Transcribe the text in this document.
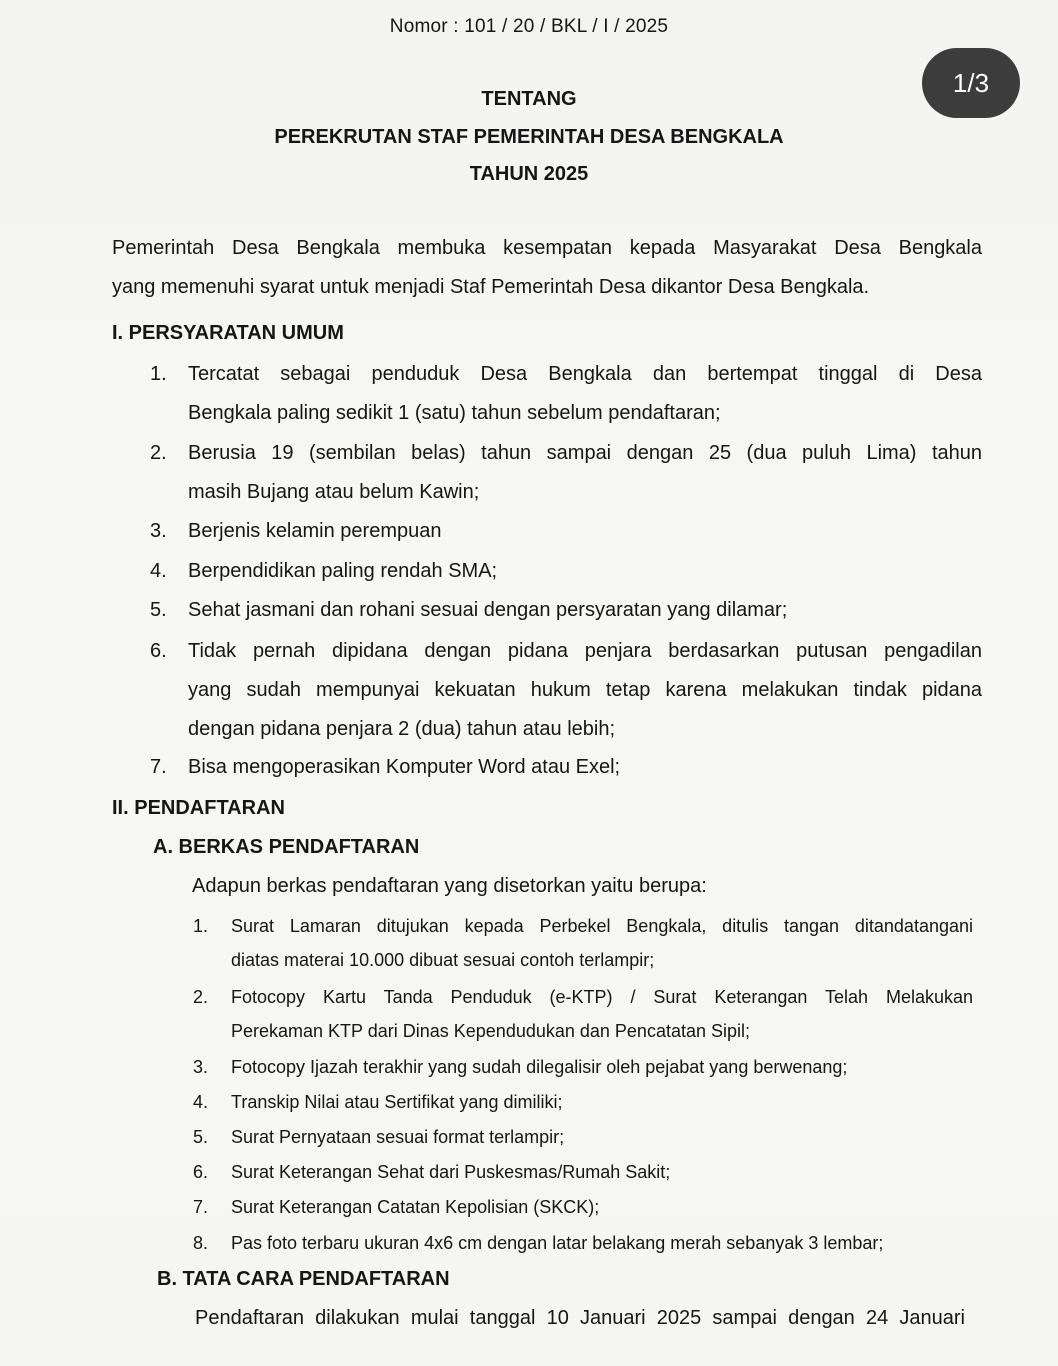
Nomor : 101 / 20 / BKL / I / 2025
1/3
TENTANG
PEREKRUTAN STAF PEMERINTAH DESA BENGKALA
TAHUN 2025
Pemerintah Desa Bengkala membuka kesempatan kepada Masyarakat Desa Bengkala
yang memenuhi syarat untuk menjadi Staf Pemerintah Desa dikantor Desa Bengkala.
I. PERSYARATAN UMUM
1. Tercatat sebagai penduduk Desa Bengkala dan bertempat tinggal di Desa
Bengkala paling sedikit 1 (satu) tahun sebelum pendaftaran;
2. Berusia 19 (sembilan belas) tahun sampai dengan 25 (dua puluh Lima) tahun
masih Bujang atau belum Kawin;
3. Berjenis kelamin perempuan
4. Berpendidikan paling rendah SMA;
5. Sehat jasmani dan rohani sesuai dengan persyaratan yang dilamar;
6. Tidak pernah dipidana dengan pidana penjara berdasarkan putusan pengadilan
yang sudah mempunyai kekuatan hukum tetap karena melakukan tindak pidana
dengan pidana penjara 2 (dua) tahun atau lebih;
7. Bisa mengoperasikan Komputer Word atau Exel;
II. PENDAFTARAN
A. BERKAS PENDAFTARAN
Adapun berkas pendaftaran yang disetorkan yaitu berupa:
1. Surat Lamaran ditujukan kepada Perbekel Bengkala, ditulis tangan ditandatangani
diatas materai 10.000 dibuat sesuai contoh terlampir;
2. Fotocopy Kartu Tanda Penduduk (e-KTP) / Surat Keterangan Telah Melakukan
Perekaman KTP dari Dinas Kependudukan dan Pencatatan Sipil;
3. Fotocopy Ijazah terakhir yang sudah dilegalisir oleh pejabat yang berwenang;
4. Transkip Nilai atau Sertifikat yang dimiliki;
5. Surat Pernyataan sesuai format terlampir;
6. Surat Keterangan Sehat dari Puskesmas/Rumah Sakit;
7. Surat Keterangan Catatan Kepolisian (SKCK);
8. Pas foto terbaru ukuran 4x6 cm dengan latar belakang merah sebanyak 3 lembar;
B. TATA CARA PENDAFTARAN
Pendaftaran dilakukan mulai tanggal 10 Januari 2025 sampai dengan 24 Januari
